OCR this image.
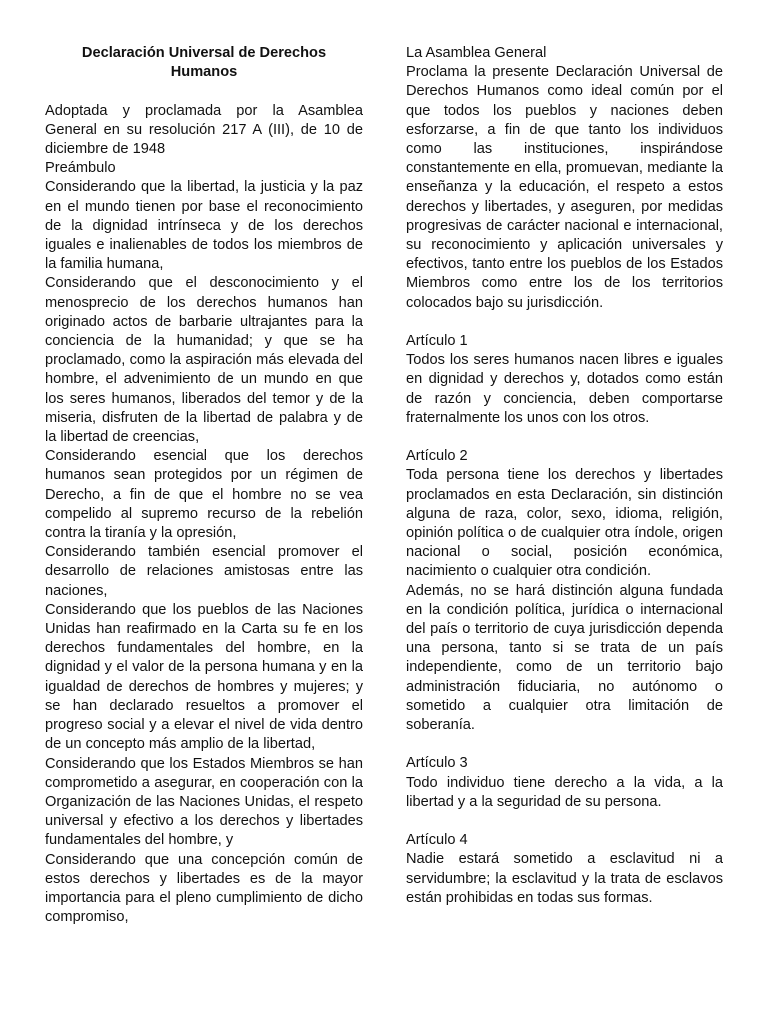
Declaración Universal de Derechos Humanos

Adoptada y proclamada por la Asamblea General en su resolución 217 A (III), de 10 de diciembre de 1948

Preámbulo

Considerando que la libertad, la justicia y la paz en el mundo tienen por base el reconocimiento de la dignidad intrínseca y de los derechos iguales e inalienables de todos los miembros de la familia humana,

Considerando que el desconocimiento y el menosprecio de los derechos humanos han originado actos de barbarie ultrajantes para la conciencia de la humanidad; y que se ha proclamado, como la aspiración más elevada del hombre, el advenimiento de un mundo en que los seres humanos, liberados del temor y de la miseria, disfruten de la libertad de palabra y de la libertad de creencias,

Considerando esencial que los derechos humanos sean protegidos por un régimen de Derecho, a fin de que el hombre no se vea compelido al supremo recurso de la rebelión contra la tiranía y la opresión,

Considerando también esencial promover el desarrollo de relaciones amistosas entre las naciones,

Considerando que los pueblos de las Naciones Unidas han reafirmado en la Carta su fe en los derechos fundamentales del hombre, en la dignidad y el valor de la persona humana y en la igualdad de derechos de hombres y mujeres; y se han declarado resueltos a promover el progreso social y a elevar el nivel de vida dentro de un concepto más amplio de la libertad,

Considerando que los Estados Miembros se han comprometido a asegurar, en cooperación con la Organización de las Naciones Unidas, el respeto universal y efectivo a los derechos y libertades fundamentales del hombre, y

Considerando que una concepción común de estos derechos y libertades es de la mayor importancia para el pleno cumplimiento de dicho compromiso,

La Asamblea General

Proclama la presente Declaración Universal de Derechos Humanos como ideal común por el que todos los pueblos y naciones deben esforzarse, a fin de que tanto los individuos como las instituciones, inspirándose constantemente en ella, promuevan, mediante la enseñanza y la educación, el respeto a estos derechos y libertades, y aseguren, por medidas progresivas de carácter nacional e internacional, su reconocimiento y aplicación universales y efectivos, tanto entre los pueblos de los Estados Miembros como entre los de los territorios colocados bajo su jurisdicción.

Artículo 1

Todos los seres humanos nacen libres e iguales en dignidad y derechos y, dotados como están de razón y conciencia, deben comportarse fraternalmente los unos con los otros.

Artículo 2

Toda persona tiene los derechos y libertades proclamados en esta Declaración, sin distinción alguna de raza, color, sexo, idioma, religión, opinión política o de cualquier otra índole, origen nacional o social, posición económica, nacimiento o cualquier otra condición.

Además, no se hará distinción alguna fundada en la condición política, jurídica o internacional del país o territorio de cuya jurisdicción dependa una persona, tanto si se trata de un país independiente, como de un territorio bajo administración fiduciaria, no autónomo o sometido a cualquier otra limitación de soberanía.

Artículo 3

Todo individuo tiene derecho a la vida, a la libertad y a la seguridad de su persona.

Artículo 4

Nadie estará sometido a esclavitud ni a servidumbre; la esclavitud y la trata de esclavos están prohibidas en todas sus formas.
